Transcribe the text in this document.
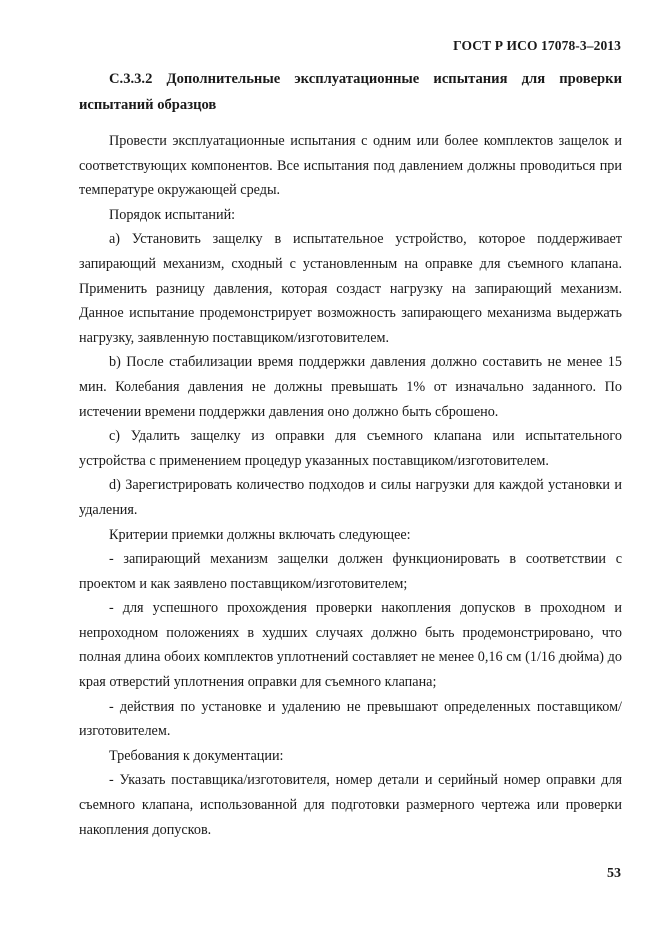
ГОСТ Р ИСО 17078-3–2013
C.3.3.2 Дополнительные эксплуатационные испытания для проверки испытаний образцов

Провести эксплуатационные испытания с одним или более комплектов защелок и соответствующих компонентов. Все испытания под давлением должны проводиться при температуре окружающей среды.

Порядок испытаний:

a) Установить защелку в испытательное устройство, которое поддерживает запирающий механизм, сходный с установленным на оправке для съемного клапана. Применить разницу давления, которая создаст нагрузку на запирающий механизм. Данное испытание продемонстрирует возможность запирающего механизма выдержать нагрузку, заявленную поставщиком/изготовителем.

b) После стабилизации время поддержки давления должно составить не менее 15 мин. Колебания давления не должны превышать 1% от изначально заданного. По истечении времени поддержки давления оно должно быть сброшено.

c) Удалить защелку из оправки для съемного клапана или испытательного устройства с применением процедур указанных поставщиком/изготовителем.

d) Зарегистрировать количество подходов и силы нагрузки для каждой установки и удаления.

Критерии приемки должны включать следующее:

- запирающий механизм защелки должен функционировать в соответствии с проектом и как заявлено поставщиком/изготовителем;

- для успешного прохождения проверки накопления допусков в проходном и непроходном положениях в худших случаях должно быть продемонстрировано, что полная длина обоих комплектов уплотнений составляет не менее 0,16 см (1/16 дюйма) до края отверстий уплотнения оправки для съемного клапана;

- действия по установке и удалению не превышают определенных поставщиком/изготовителем.

Требования к документации:

- Указать поставщика/изготовителя, номер детали и серийный номер оправки для съемного клапана, использованной для подготовки размерного чертежа или проверки накопления допусков.

53
